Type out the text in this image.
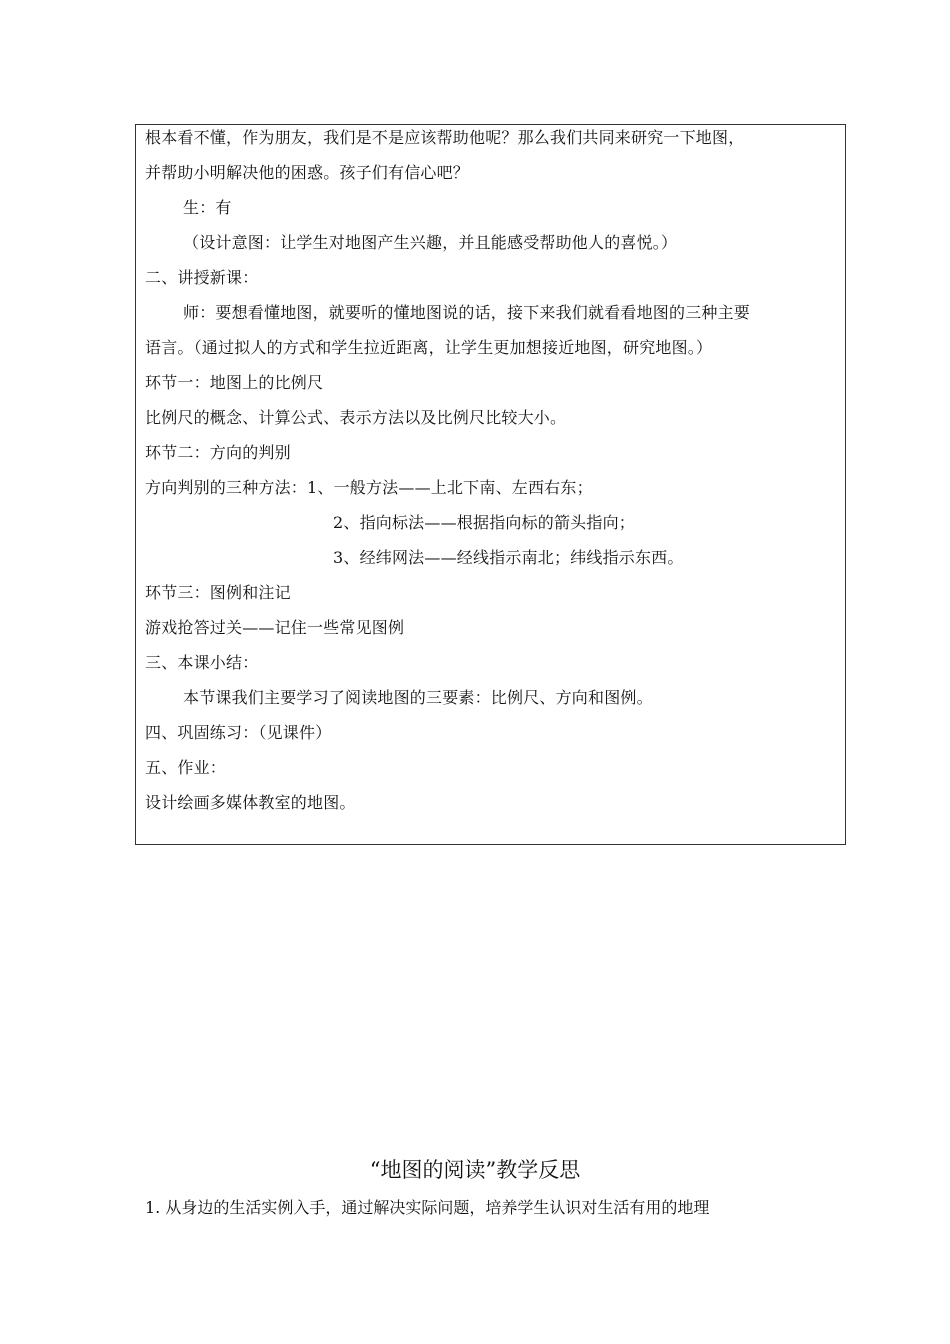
根本看不懂，作为朋友，我们是不是应该帮助他呢？那么我们共同来研究一下地图，
并帮助小明解决他的困惑。孩子们有信心吧？
生：有
（设计意图：让学生对地图产生兴趣，并且能感受帮助他人的喜悦。）
二、讲授新课：
师：要想看懂地图，就要听的懂地图说的话，接下来我们就看看地图的三种主要
语言。（通过拟人的方式和学生拉近距离，让学生更加想接近地图，研究地图。）
环节一：地图上的比例尺
比例尺的概念、计算公式、表示方法以及比例尺比较大小。
环节二：方向的判别
方向判别的三种方法：1、一般方法——上北下南、左西右东；
2、指向标法——根据指向标的箭头指向；
3、经纬网法——经线指示南北；纬线指示东西。
环节三：图例和注记
游戏抢答过关——记住一些常见图例
三、本课小结：
本节课我们主要学习了阅读地图的三要素：比例尺、方向和图例。
四、巩固练习：（见课件）
五、作业：
设计绘画多媒体教室的地图。
“地图的阅读”教学反思
1. 从身边的生活实例入手，通过解决实际问题，培养学生认识对生活有用的地理
